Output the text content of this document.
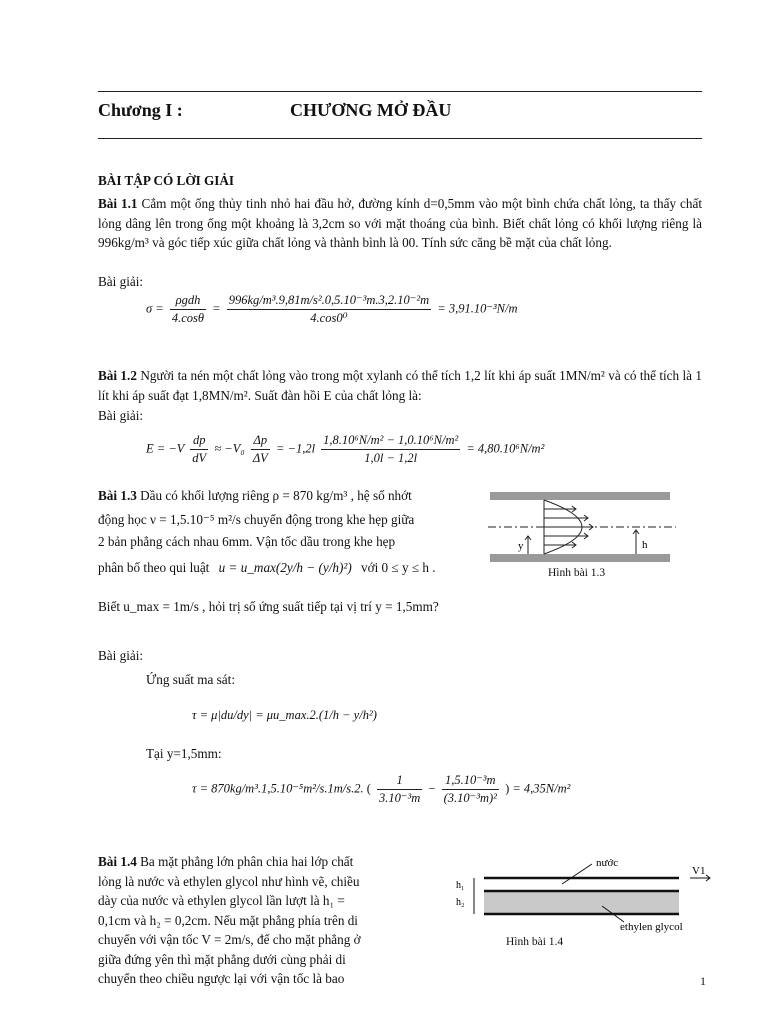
Chương I :	CHƯƠNG MỞ ĐẦU
BÀI TẬP CÓ LỜI GIẢI
Bài 1.1 Cắm một ống thủy tinh nhỏ hai đầu hở, đường kính d=0,5mm vào một bình chứa chất lỏng, ta thấy chất lỏng dâng lên trong ống một khoảng là 3,2cm so với mặt thoáng của bình. Biết chất lỏng có khối lượng riêng là 996kg/m³ và góc tiếp xúc giữa chất lỏng và thành bình là 00. Tính sức căng bề mặt của chất lỏng.
Bài giải:
$\sigma = \frac{\text{ρgdh}}{4.\cos\theta} = \frac{\text{996kg/m³.9,81m/s².0,5.10⁻³m.3,2.10⁻²m}}{\text{4.cos0⁰}} = 3,91.10^{-3}N/m$
Bài 1.2 Người ta nén một chất lỏng vào trong một xylanh có thể tích 1,2 lít khi áp suất 1MN/m² và có thể tích là 1 lít khi áp suất đạt 1,8MN/m². Suất đàn hồi E của chất lỏng là:
Bài giải:
$E = -V \frac{dp}{dV} \approx -V_0 \frac{\Delta p}{\Delta V} = -1,2l \frac{\text{1,8.10⁶N/m² − 1,0.10⁶N/m²}}{1,0l - 1,2l} = 4,80.10^6N/m^2$
Bài 1.3 Dầu có khối lượng riêng ρ = 870 kg/m³ , hệ số nhớt
động học ν = 1,5.10⁻⁵ m²/s chuyển động trong khe hẹp giữa
2 bản phẳng cách nhau 6mm. Vận tốc dầu trong khe hẹp
phân bố theo qui luật u = u_max(2y/h − (y/h)²) với 0 ≤ y ≤ h .
Biết u_max = 1m/s , hỏi trị số ứng suất tiếp tại vị trí y = 1,5mm?
y	h
Hình bài 1.3
Bài giải:
Ứng suất ma sát:
τ = μ|du/dy| = μu_max.2.(1/h − y/h²)
Tại y=1,5mm:
τ = 870kg/m³.1,5.10⁻⁵m²/s.1m/s.2. ( $\frac{1}{\text{3.10⁻³m}} - \frac{\text{1,5.10⁻³m}}{\text{(3.10⁻³m)²}}$ ) = 4,35N/m²
Bài 1.4 Ba mặt phẳng lớn phân chia hai lớp chất
lỏng là nước và ethylen glycol như hình vẽ, chiều
dày của nước và ethylen glycol lần lượt là h₁ =
0,1cm và h₂ = 0,2cm. Nếu mặt phẳng phía trên di
chuyển với vận tốc V = 2m/s, để cho mặt phẳng ở
giữa đứng yên thì mặt phẳng dưới cùng phải di
chuyển theo chiều ngược lại với vận tốc là bao
V1
nước
ethylen glycol
h₁
h₂
Hình bài 1.4
1
